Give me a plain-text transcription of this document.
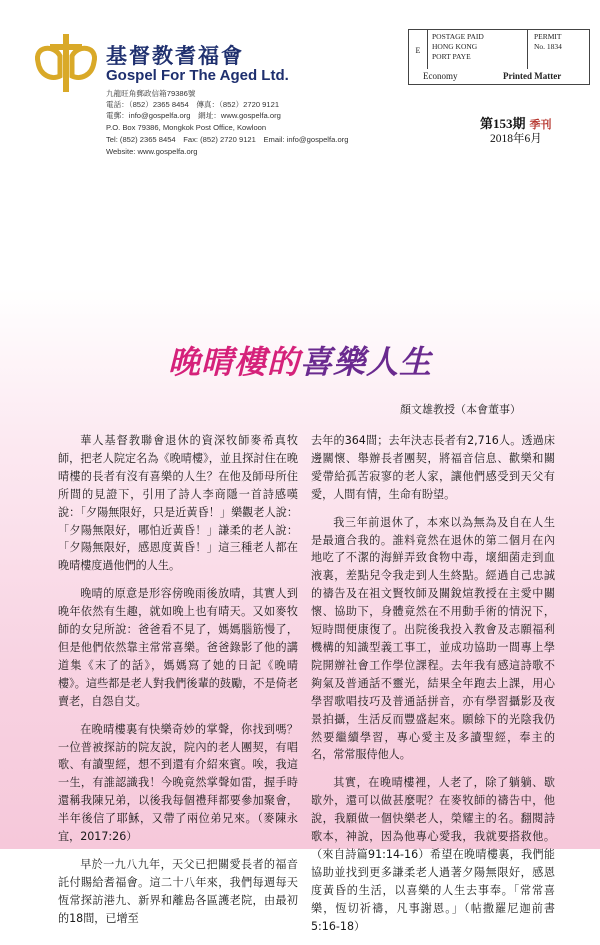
基督教耆福會
Gospel For The Aged Ltd.
九龍旺角郵政信箱79386號
電話：（852）2365 8454　傳真：（852）2720 9121
電郵：info@gospelfa.org　網址：www.gospelfa.org
P.O. Box 79386, Mongkok Post Office, Kowloon
Tel: (852) 2365 8454　Fax: (852) 2720 9121　Email: info@gospelfa.org
Website: www.gospelfa.org
E
POSTAGE PAID
HONG KONG
PORT PAYE
PERMIT
No. 1834
Economy	Printed Matter
第153期 季刊
2018年6月
晚晴樓的喜樂人生
顏文雄教授（本會董事）

華人基督教聯會退休的資深牧師麥希真牧師，把老人院定名為《晚晴樓》，並且探討住在晚晴樓的長者有沒有喜樂的人生？在他及師母所住所間的見證下，引用了詩人李商隱一首詩感嘆說：「夕陽無限好，只是近黃昏！」樂觀老人說：「夕陽無限好，哪怕近黃昏！」謙柔的老人說：「夕陽無限好，感恩度黃昏！」這三種老人都在晚晴樓度過他們的人生。

晚晴的原意是形容傍晚雨後放晴，其實人到晚年依然有生趣，就如晚上也有晴天。又如麥牧師的女兒所說：爸爸看不見了，媽媽腦筋慢了，但是他們依然靠主常常喜樂。爸爸錄影了他的講道集《末了的話》，媽媽寫了她的日記《晚晴樓》。這些都是老人對我們後輩的鼓勵，不是倚老賣老，自怨自艾。

在晚晴樓裏有快樂奇妙的掌聲，你找到嗎？一位普被探訪的院友說，院內的老人團契，有唱歌、有讀聖經，想不到還有介紹來賓。唉，我這一生，有誰認識我！今晚竟然掌聲如雷，握手時還稱我陳兄弟，以後我每個禮拜都要參加聚會，半年後信了耶穌，又帶了兩位弟兄來。（麥陳永宜，2017:26）

早於一九八九年，天父已把關愛長者的福音託付賜給耆福會。這二十八年來，我們每週每天恆常探訪港九、新界和離島各區護老院，由最初的18間，已增至

去年的364間；去年決志長者有2,716人。透過床邊關懷、舉辦長者團契，將福音信息、歡樂和關愛帶給孤苦寂寥的老人家，讓他們感受到天父有愛，人間有情，生命有盼望。

我三年前退休了，本來以為無為及自在人生是最適合我的。誰料竟然在退休的第二個月在內地吃了不潔的海鮮弄致食物中毒，壞細菌走到血液裏，差點兒令我走到人生終點。經過自己忠誠的禱告及在祖文賢牧師及關銳煊教授在主愛中關懷、協助下，身體竟然在不用動手術的情況下，短時間便康復了。出院後我投入教會及志願福利機構的知識型義工事工，並成功協助一間專上學院開辦社會工作學位課程。去年我有感這詩歌不夠氣及普通話不靈光，結果全年跑去上課，用心學習歌唱技巧及普通話拼音，亦有學習攝影及夜景拍攝，生活反而豐盛起來。願餘下的光陰我仍然要繼續學習，專心愛主及多讀聖經，奉主的名，常常服侍他人。

其實，在晚晴樓裡，人老了，除了躺躺、歇歇外，還可以做甚麼呢？在麥牧師的禱告中，他說，我願做一個快樂老人，榮耀主的名。翻閱詩歌本，神說，因為他專心愛我，我就要搭救他。（來自詩篇91:14-16）希望在晚晴樓裏，我們能協助並找到更多謙柔老人過著夕陽無限好，感恩度黃昏的生活，以喜樂的人生去事奉。「常常喜樂，恆切祈禱，凡事謝恩。」（帖撒羅尼迦前書5:16-18）
